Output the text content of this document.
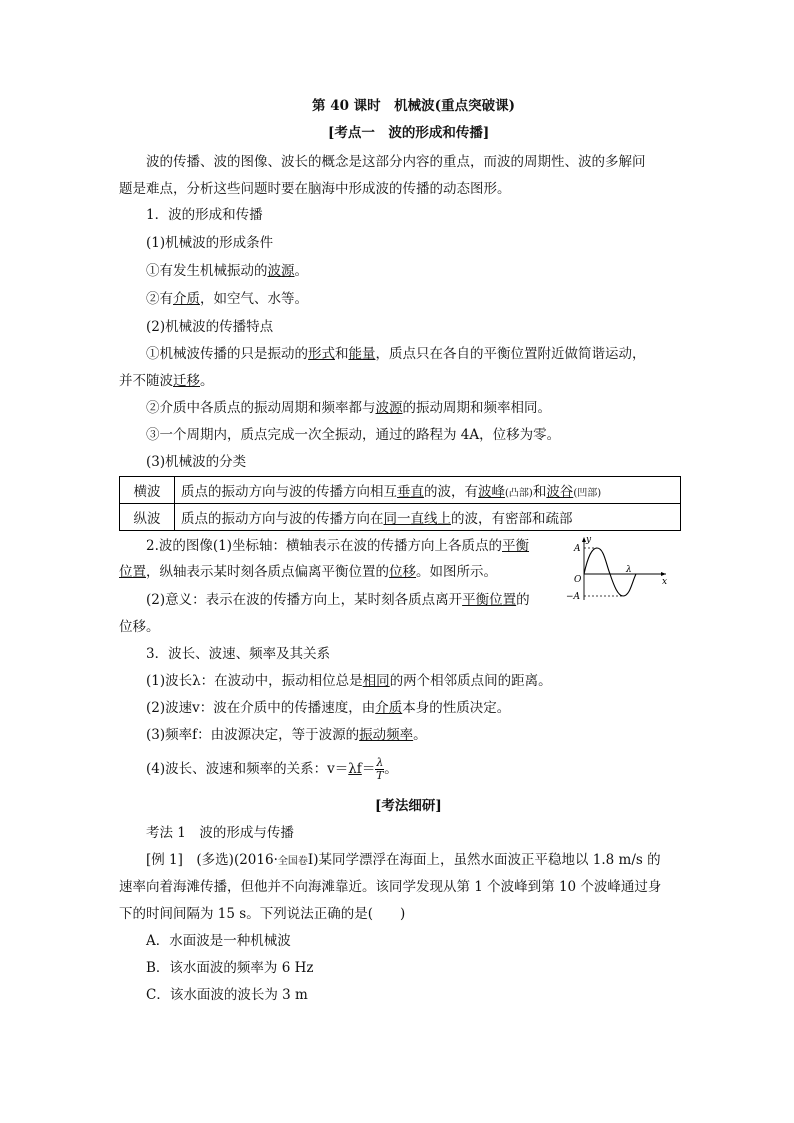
第 40 课时　机械波(重点突破课)
[考点一　波的形成和传播]
波的传播、波的图像、波长的概念是这部分内容的重点，而波的周期性、波的多解问
题是难点，分析这些问题时要在脑海中形成波的传播的动态图形。
1．波的形成和传播
(1)机械波的形成条件
①有发生机械振动的波源。
②有介质，如空气、水等。
(2)机械波的传播特点
①机械波传播的只是振动的形式和能量，质点只在各自的平衡位置附近做简谐运动，
并不随波迁移。
②介质中各质点的振动周期和频率都与波源的振动周期和频率相同。
③一个周期内，质点完成一次全振动，通过的路程为 4A，位移为零。
(3)机械波的分类
横波	质点的振动方向与波的传播方向相互垂直的波，有波峰(凸部)和波谷(凹部)
纵波	质点的振动方向与波的传播方向在同一直线上的波，有密部和疏部
2.波的图像(1)坐标轴：横轴表示在波的传播方向上各质点的平衡
位置，纵轴表示某时刻各质点偏离平衡位置的位移。如图所示。
(2)意义：表示在波的传播方向上，某时刻各质点离开平衡位置的
位移。
y
A
O
−A
λ
x
3．波长、波速、频率及其关系
(1)波长λ：在波动中，振动相位总是相同的两个相邻质点间的距离。
(2)波速v：波在介质中的传播速度，由介质本身的性质决定。
(3)频率f：由波源决定，等于波源的振动频率。
(4)波长、波速和频率的关系：$v=\lambda f= \frac{\lambda}{T}$ 。
[考法细研]
考法 1　波的形成与传播
[例 1]　(多选)(2016·全国卷Ⅰ)某同学漂浮在海面上，虽然水面波正平稳地以 1.8 m/s 的
速率向着海滩传播，但他并不向海滩靠近。该同学发现从第 1 个波峰到第 10 个波峰通过身
下的时间间隔为 15 s。下列说法正确的是(　　)
A．水面波是一种机械波
B．该水面波的频率为 6 Hz
C．该水面波的波长为 3 m
